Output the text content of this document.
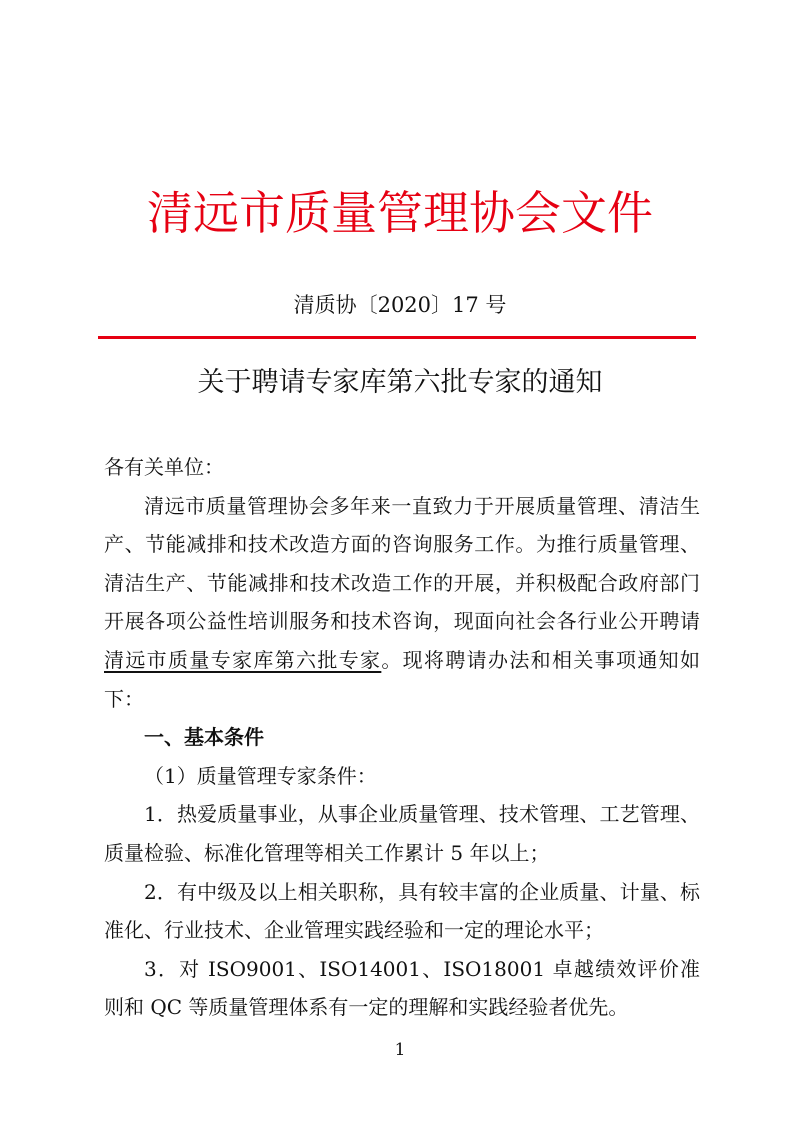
清远市质量管理协会文件
清质协〔2020〕17 号
关于聘请专家库第六批专家的通知

各有关单位：

清远市质量管理协会多年来一直致力于开展质量管理、清洁生产、节能减排和技术改造方面的咨询服务工作。为推行质量管理、清洁生产、节能减排和技术改造工作的开展，并积极配合政府部门开展各项公益性培训服务和技术咨询，现面向社会各行业公开聘请清远市质量专家库第六批专家。现将聘请办法和相关事项通知如下：

一、基本条件

（1）质量管理专家条件：

1．热爱质量事业，从事企业质量管理、技术管理、工艺管理、质量检验、标准化管理等相关工作累计 5 年以上；

2．有中级及以上相关职称，具有较丰富的企业质量、计量、标准化、行业技术、企业管理实践经验和一定的理论水平；

3．对 ISO9001、ISO14001、ISO18001 卓越绩效评价准则和 QC 等质量管理体系有一定的理解和实践经验者优先。

1
